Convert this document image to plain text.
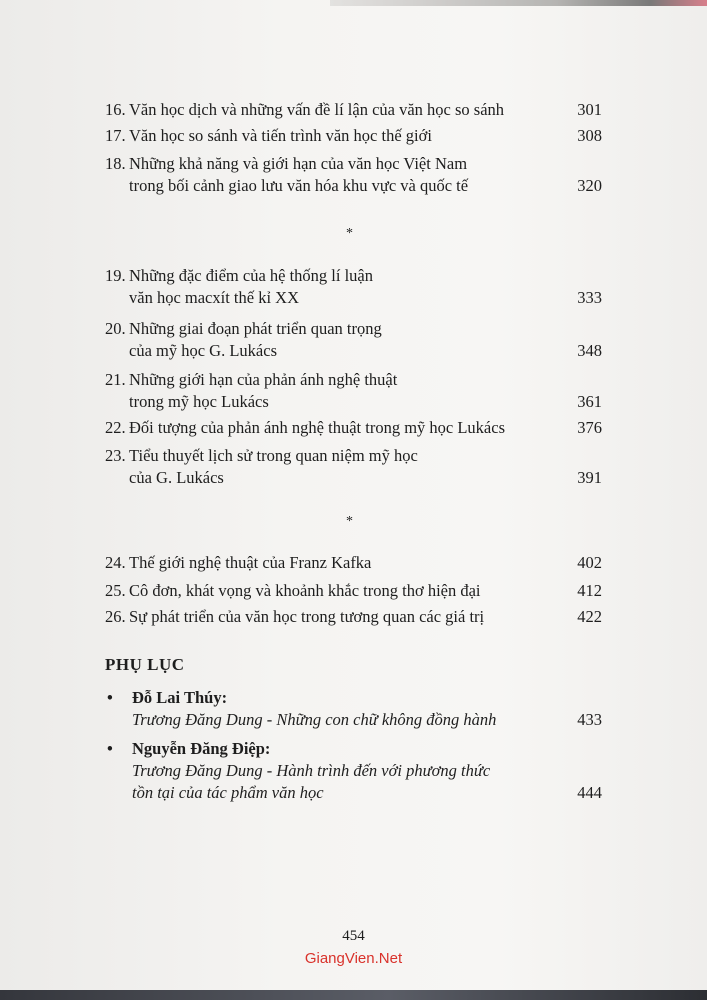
16. Văn học dịch và những vấn đề lí lận của văn học so sánh	301
17. Văn học so sánh và tiến trình văn học thế giới	308
18. Những khả năng và giới hạn của văn học Việt Nam
trong bối cảnh giao lưu văn hóa khu vực và quốc tế	320
*
19. Những đặc điểm của hệ thống lí luận
văn học macxít thế kỉ XX	333
20. Những giai đoạn phát triển quan trọng
của mỹ học G. Lukács	348
21. Những giới hạn của phản ánh nghệ thuật
trong mỹ học Lukács	361
22. Đối tượng của phản ánh nghệ thuật trong mỹ học Lukács	376
23. Tiểu thuyết lịch sử trong quan niệm mỹ học
của G. Lukács	391
*
24. Thế giới nghệ thuật của Franz Kafka	402
25. Cô đơn, khát vọng và khoảnh khắc trong thơ hiện đại	412
26. Sự phát triển của văn học trong tương quan các giá trị	422
PHỤ LỤC
• Đỗ Lai Thúy:
Trương Đăng Dung - Những con chữ không đồng hành	433
• Nguyễn Đăng Điệp:
Trương Đăng Dung - Hành trình đến với phương thức
tồn tại của tác phẩm văn học	444
454
GiangVien.Net
